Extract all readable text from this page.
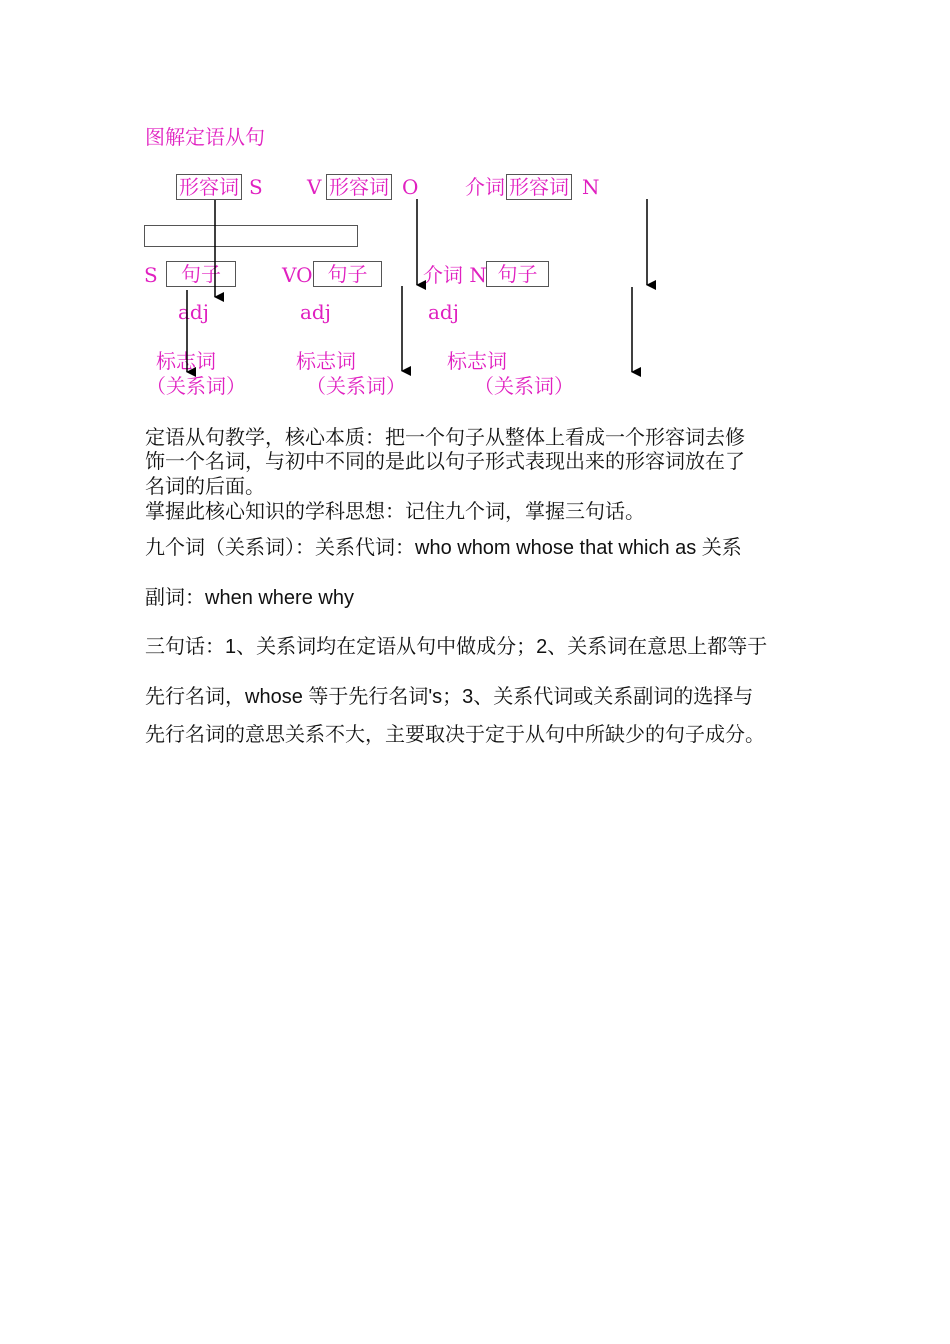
图解定语从句
形容词 S V 形容词 O 介词 形容词 N
S	句子	VO 句子	介词 N 句子
adj	adj	adj
标志词	标志词	标志词
（关系词）	（关系词）	（关系词）
定语从句教学，核心本质：把一个句子从整体上看成一个形容词去修
饰一个名词，与初中不同的是此以句子形式表现出来的形容词放在了
名词的后面。
掌握此核心知识的学科思想：记住九个词，掌握三句话。
九个词（关系词）：关系代词：who whom whose that which as 关系
副词：when where why
三句话：1、关系词均在定语从句中做成分；2、关系词在意思上都等于
先行名词，whose 等于先行名词's；3、关系代词或关系副词的选择与
先行名词的意思关系不大，主要取决于定于从句中所缺少的句子成分。
